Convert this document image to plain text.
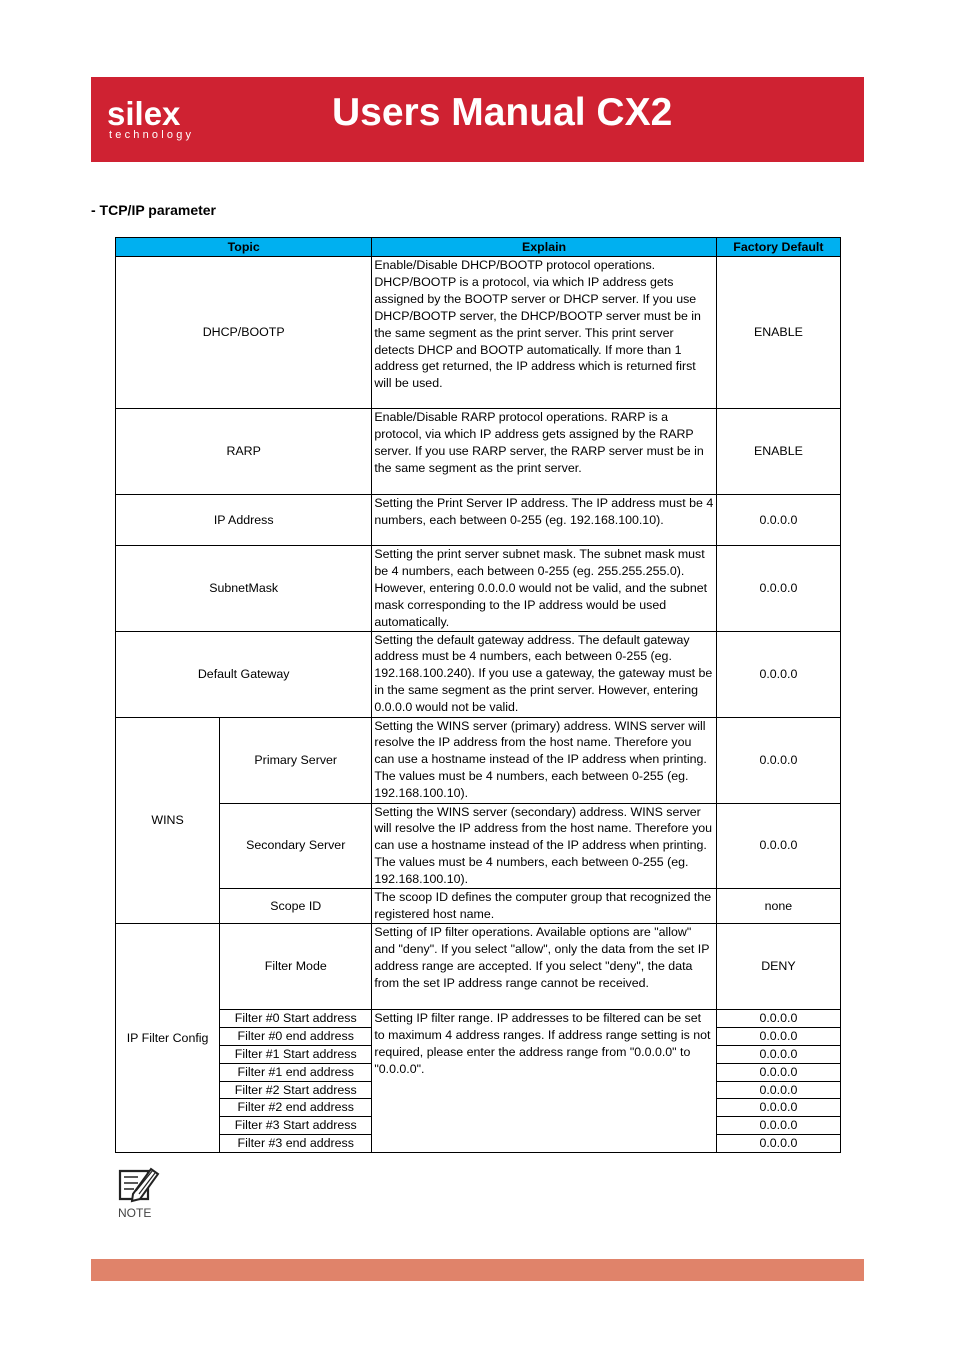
silex
technology
Users Manual CX2
- TCP/IP parameter
Topic		Explain	Factory Default
DHCP/BOOTP		Enable/Disable DHCP/BOOTP protocol operations. DHCP/BOOTP is a protocol, via which IP address gets assigned by the BOOTP server or DHCP server. If you use DHCP/BOOTP server, the DHCP/BOOTP server must be in the same segment as the print server. This print server detects DHCP and BOOTP automatically. If more than 1 address get returned, the IP address which is returned first will be used.	ENABLE
RARP		Enable/Disable RARP protocol operations. RARP is a protocol, via which IP address gets assigned by the RARP server. If you use RARP server, the RARP server must be in the same segment as the print server.	ENABLE
IP Address		Setting the Print Server IP address. The IP address must be 4 numbers, each between 0-255 (eg. 192.168.100.10).	0.0.0.0
SubnetMask		Setting the print server subnet mask. The subnet mask must be 4 numbers, each between 0-255 (eg. 255.255.255.0). However, entering 0.0.0.0 would not be valid, and the subnet mask corresponding to the IP address would be used automatically.	0.0.0.0
Default Gateway		Setting the default gateway address. The default gateway address must be 4 numbers, each between 0-255 (eg. 192.168.100.240). If you use a gateway, the gateway must be in the same segment as the print server. However, entering 0.0.0.0 would not be valid.	0.0.0.0
WINS	Primary Server	Setting the WINS server (primary) address. WINS server will resolve the IP address from the host name. Therefore you can use a hostname instead of the IP address when printing. The values must be 4 numbers, each between 0-255 (eg. 192.168.100.10).	0.0.0.0
	Secondary Server	Setting the WINS server (secondary) address. WINS server will resolve the IP address from the host name. Therefore you can use a hostname instead of the IP address when printing. The values must be 4 numbers, each between 0-255 (eg. 192.168.100.10).	0.0.0.0
	Scope ID	The scoop ID defines the computer group that recognized the registered host name.	none
IP Filter Config	Filter Mode	Setting of IP filter operations. Available options are "allow" and "deny". If you select "allow", only the data from the set IP address range are accepted. If you select "deny", the data from the set IP address range cannot be received.	DENY
	Filter #0 Start address	Setting IP filter range. IP addresses to be filtered can be set to maximum 4 address ranges. If address range setting is not required, please enter the address range from "0.0.0.0" to "0.0.0.0".	0.0.0.0
	Filter #0 end address		0.0.0.0
	Filter #1 Start address		0.0.0.0
	Filter #1 end address		0.0.0.0
	Filter #2 Start address		0.0.0.0
	Filter #2 end address		0.0.0.0
	Filter #3 Start address		0.0.0.0
	Filter #3 end address		0.0.0.0
NOTE
